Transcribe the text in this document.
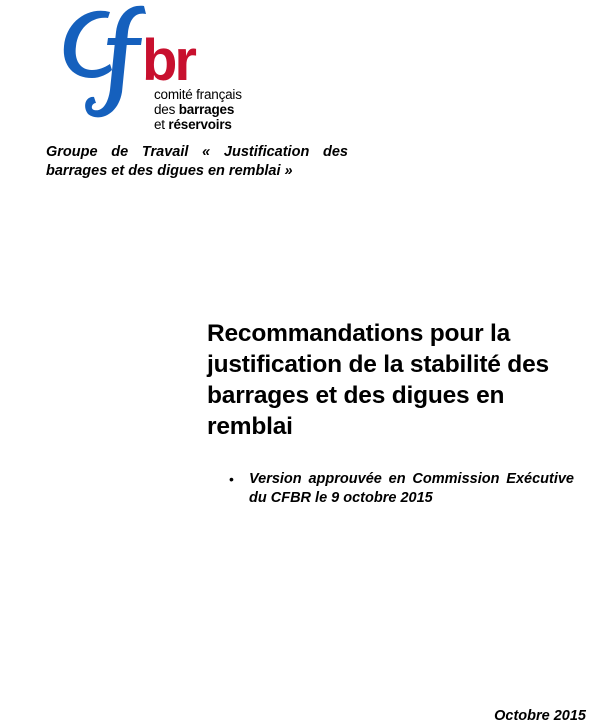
br
comité français
des barrages
et réservoirs

Groupe de Travail « Justification des barrages et des digues en remblai »

Recommandations pour la justification de la stabilité des barrages et des digues en remblai
• Version approuvée en Commission Exécutive du CFBR le 9 octobre 2015

Octobre 2015
